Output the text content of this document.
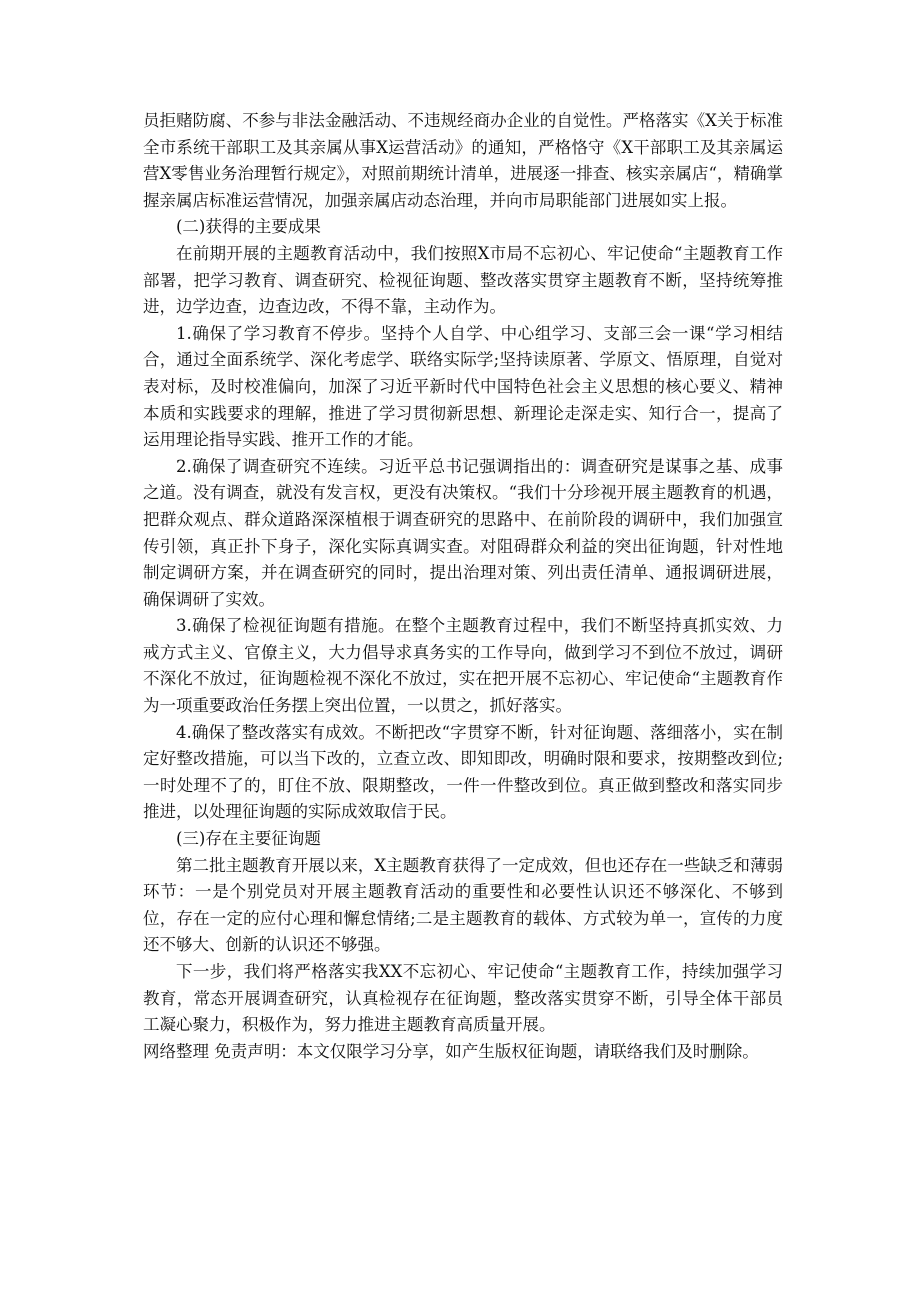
员拒赌防腐、不参与非法金融活动、不违规经商办企业的自觉性。严格落实《X关于标准全市系统干部职工及其亲属从事X运营活动》的通知，严格恪守《X干部职工及其亲属运营X零售业务治理暂行规定》，对照前期统计清单，进展逐一排查、核实亲属店“，精确掌握亲属店标准运营情况，加强亲属店动态治理，并向市局职能部门进展如实上报。

(二)获得的主要成果

在前期开展的主题教育活动中，我们按照X市局不忘初心、牢记使命“主题教育工作部署，把学习教育、调查研究、检视征询题、整改落实贯穿主题教育不断，坚持统筹推进，边学边查，边查边改，不得不靠，主动作为。

1.确保了学习教育不停步。坚持个人自学、中心组学习、支部三会一课“学习相结合，通过全面系统学、深化考虑学、联络实际学;坚持读原著、学原文、悟原理，自觉对表对标，及时校准偏向，加深了习近平新时代中国特色社会主义思想的核心要义、精神本质和实践要求的理解，推进了学习贯彻新思想、新理论走深走实、知行合一，提高了运用理论指导实践、推开工作的才能。

2.确保了调查研究不连续。习近平总书记强调指出的：调查研究是谋事之基、成事之道。没有调查，就没有发言权，更没有决策权。“我们十分珍视开展主题教育的机遇，把群众观点、群众道路深深植根于调查研究的思路中、在前阶段的调研中，我们加强宣传引领，真正扑下身子，深化实际真调实查。对阻碍群众利益的突出征询题，针对性地制定调研方案，并在调查研究的同时，提出治理对策、列出责任清单、通报调研进展，确保调研了实效。

3.确保了检视征询题有措施。在整个主题教育过程中，我们不断坚持真抓实效、力戒方式主义、官僚主义，大力倡导求真务实的工作导向，做到学习不到位不放过，调研不深化不放过，征询题检视不深化不放过，实在把开展不忘初心、牢记使命“主题教育作为一项重要政治任务摆上突出位置，一以贯之，抓好落实。

4.确保了整改落实有成效。不断把改“字贯穿不断，针对征询题、落细落小，实在制定好整改措施，可以当下改的，立查立改、即知即改，明确时限和要求，按期整改到位;一时处理不了的，盯住不放、限期整改，一件一件整改到位。真正做到整改和落实同步推进，以处理征询题的实际成效取信于民。

(三)存在主要征询题

第二批主题教育开展以来，X主题教育获得了一定成效，但也还存在一些缺乏和薄弱环节：一是个别党员对开展主题教育活动的重要性和必要性认识还不够深化、不够到位，存在一定的应付心理和懈怠情绪;二是主题教育的载体、方式较为单一，宣传的力度还不够大、创新的认识还不够强。

下一步，我们将严格落实我XX不忘初心、牢记使命“主题教育工作，持续加强学习教育，常态开展调查研究，认真检视存在征询题，整改落实贯穿不断，引导全体干部员工凝心聚力，积极作为，努力推进主题教育高质量开展。

网络整理 免责声明：本文仅限学习分享，如产生版权征询题，请联络我们及时删除。
